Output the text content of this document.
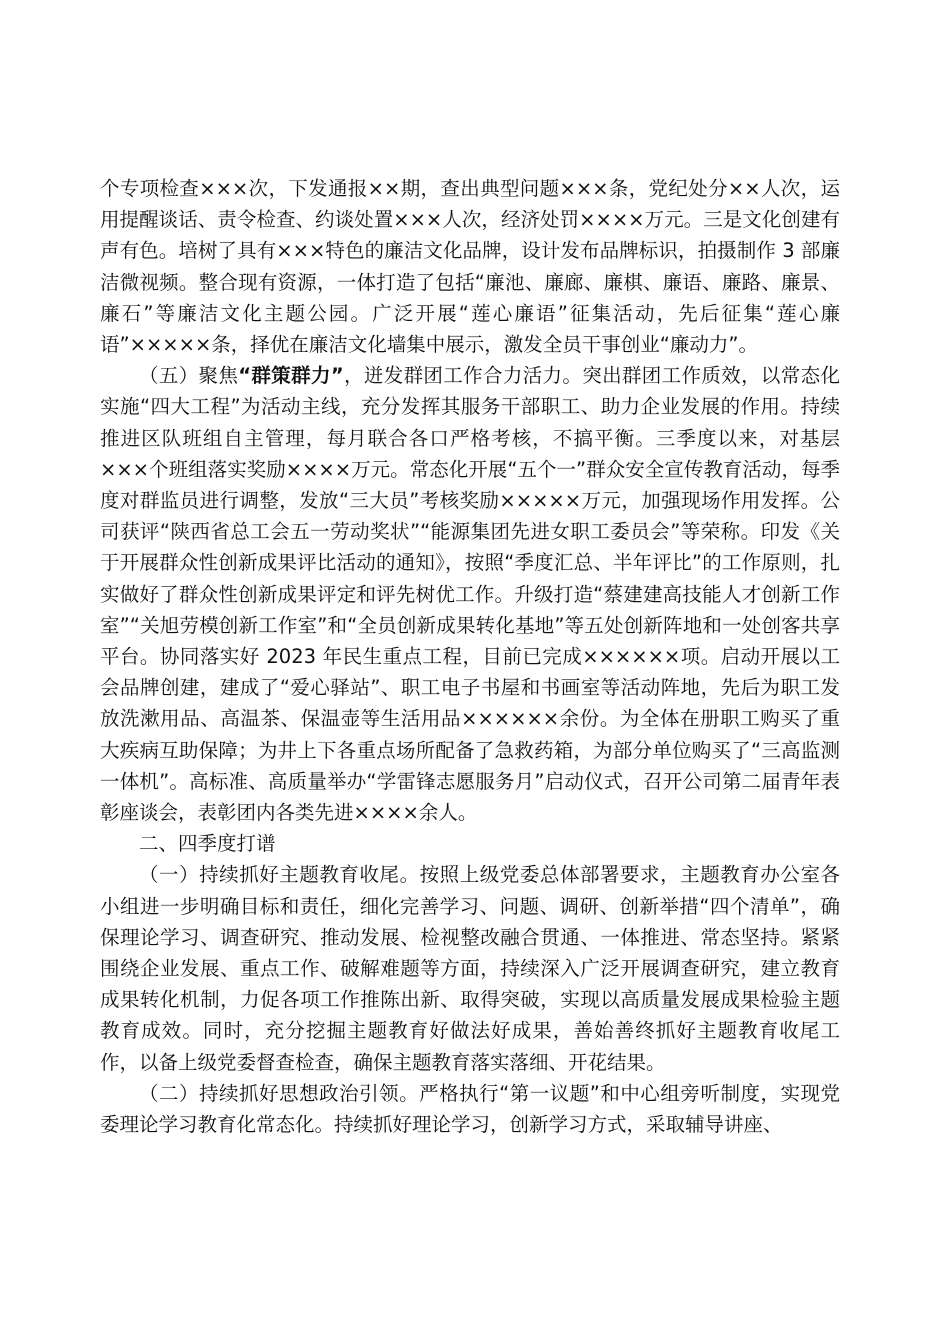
个专项检查×××次，下发通报××期，查出典型问题×××条，党纪处分××人次，运用提醒谈话、责令检查、约谈处置×××人次，经济处罚××××万元。三是文化创建有声有色。培树了具有×××特色的廉洁文化品牌，设计发布品牌标识，拍摄制作 3 部廉洁微视频。整合现有资源，一体打造了包括“廉池、廉廊、廉棋、廉语、廉路、廉景、廉石”等廉洁文化主题公园。广泛开展“莲心廉语”征集活动，先后征集“莲心廉语”×××××条，择优在廉洁文化墙集中展示，激发全员干事创业“廉动力”。

（五）聚焦“群策群力”，迸发群团工作合力活力。突出群团工作质效，以常态化实施“四大工程”为活动主线，充分发挥其服务干部职工、助力企业发展的作用。持续推进区队班组自主管理，每月联合各口严格考核，不搞平衡。三季度以来，对基层×××个班组落实奖励××××万元。常态化开展“五个一”群众安全宣传教育活动，每季度对群监员进行调整，发放“三大员”考核奖励×××××万元，加强现场作用发挥。公司获评“陕西省总工会五一劳动奖状”“能源集团先进女职工委员会”等荣称。印发《关于开展群众性创新成果评比活动的通知》，按照“季度汇总、半年评比”的工作原则，扎实做好了群众性创新成果评定和评先树优工作。升级打造“蔡建建高技能人才创新工作室”“关旭劳模创新工作室”和“全员创新成果转化基地”等五处创新阵地和一处创客共享平台。协同落实好 2023 年民生重点工程，目前已完成××××××项。启动开展以工会品牌创建，建成了“爱心驿站”、职工电子书屋和书画室等活动阵地，先后为职工发放洗漱用品、高温茶、保温壶等生活用品××××××余份。为全体在册职工购买了重大疾病互助保障；为井上下各重点场所配备了急救药箱，为部分单位购买了“三高监测一体机”。高标准、高质量举办“学雷锋志愿服务月”启动仪式，召开公司第二届青年表彰座谈会，表彰团内各类先进××××余人。

二、四季度打谱

（一）持续抓好主题教育收尾。按照上级党委总体部署要求，主题教育办公室各小组进一步明确目标和责任，细化完善学习、问题、调研、创新举措“四个清单”，确保理论学习、调查研究、推动发展、检视整改融合贯通、一体推进、常态坚持。紧紧围绕企业发展、重点工作、破解难题等方面，持续深入广泛开展调查研究，建立教育成果转化机制，力促各项工作推陈出新、取得突破，实现以高质量发展成果检验主题教育成效。同时，充分挖掘主题教育好做法好成果，善始善终抓好主题教育收尾工作，以备上级党委督查检查，确保主题教育落实落细、开花结果。

（二）持续抓好思想政治引领。严格执行“第一议题”和中心组旁听制度，实现党委理论学习教育化常态化。持续抓好理论学习，创新学习方式，采取辅导讲座、
